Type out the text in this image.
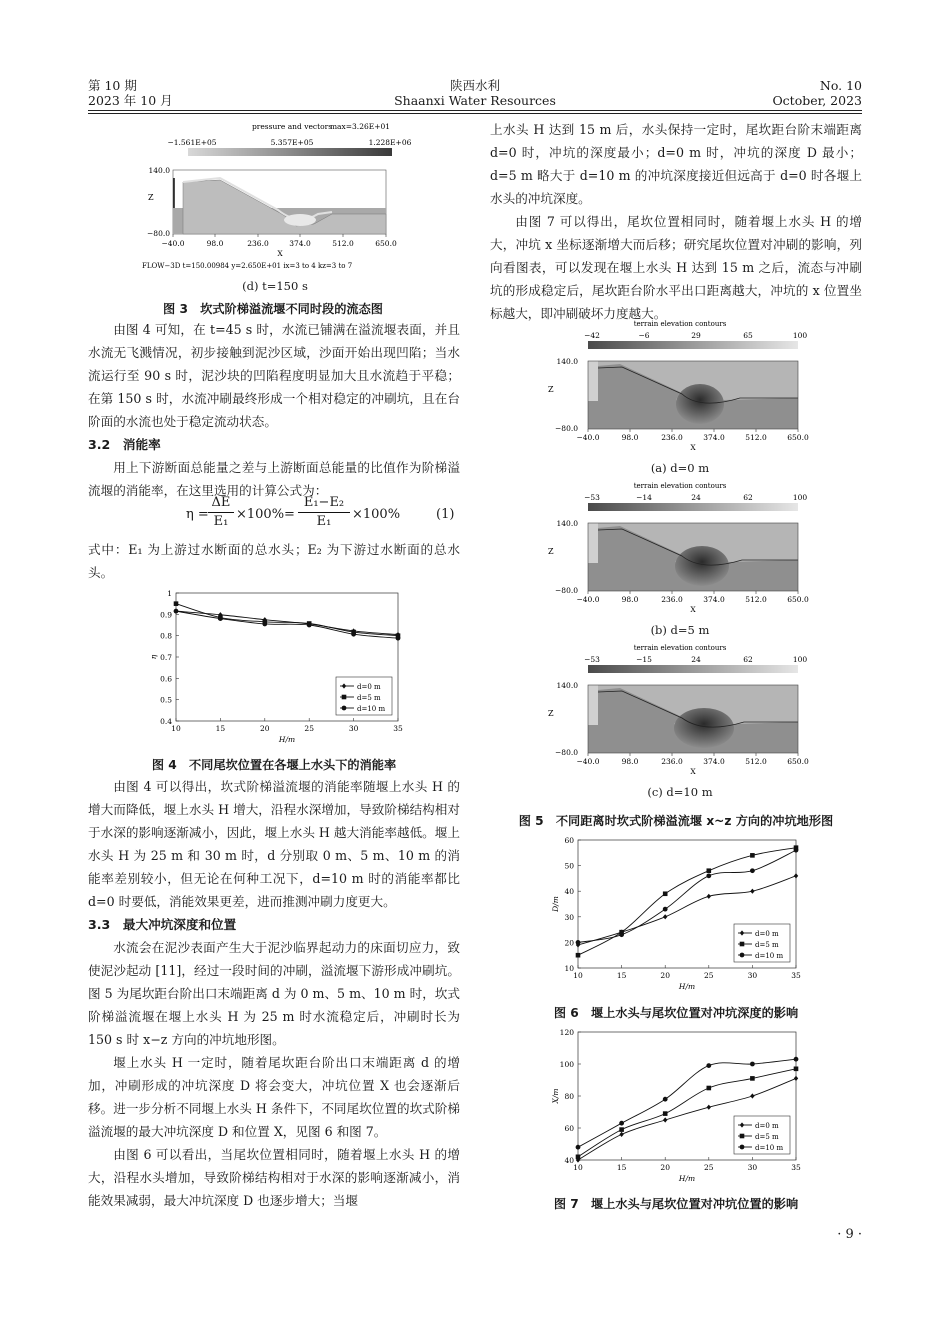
第 10 期
2023 年 10 月
陕西水利
Shaanxi Water Resources
No. 10
October, 2023
pressure and vectors
max=3.26E+01
−1.561E+05	5.357E+05	1.228E+06
Z
140.0
−80.0
−40.0	98.0	236.0	374.0	512.0	650.0
X
FLOW−3D t=150.00984 y=2.650E+01 ix=3 to 4 kz=3 to 7
(d) t=150 s
图 3　坎式阶梯溢流堰不同时段的流态图

由图 4 可知，在 t=45 s 时，水流已铺满在溢流堰表面，并且水流无飞溅情况，初步接触到泥沙区域，沙面开始出现凹陷；当水流运行至 90 s 时，泥沙块的凹陷程度明显加大且水流趋于平稳；在第 150 s 时，水流冲刷最终形成一个相对稳定的冲刷坑，且在台阶面的水流也处于稳定流动状态。

3.2　消能率

用上下游断面总能量之差与上游断面总能量的比值作为阶梯溢流堰的消能率，在这里选用的计算公式为：

$\eta = \frac{\Delta E}{\text{E₁}} \times 100\%= \frac{\text{E₁−E₂}}{\text{E₁}} \times 100\%$	(1)

式中：E₁ 为上游过水断面的总水头；E₂ 为下游过水断面的总水头。

1
0.9
0.8
0.7
0.6
0.5
0.4
10	15	20	25	30	35
H/m
η
d=0 m
d=5 m
d=10 m
图 4　不同尾坎位置在各堰上水头下的消能率

由图 4 可以得出，坎式阶梯溢流堰的消能率随堰上水头 H 的增大而降低，堰上水头 H 增大，沿程水深增加，导致阶梯结构相对于水深的影响逐渐减小，因此，堰上水头 H 越大消能率越低。堰上水头 H 为 25 m 和 30 m 时，d 分别取 0 m、5 m、10 m 的消能率差别较小，但无论在何种工况下，d=10 m 时的消能率都比 d=0 时要低，消能效果更差，进而推测冲刷力度更大。

3.3　最大冲坑深度和位置

水流会在泥沙表面产生大于泥沙临界起动力的床面切应力，致使泥沙起动 [11]，经过一段时间的冲刷，溢流堰下游形成冲刷坑。图 5 为尾坎距台阶出口末端距离 d 为 0 m、5 m、10 m 时，坎式阶梯溢流堰在堰上水头 H 为 25 m 时水流稳定后，冲刷时长为 150 s 时 x−z 方向的冲坑地形图。

堰上水头 H 一定时，随着尾坎距台阶出口末端距离 d 的增加，冲刷形成的冲坑深度 D 将会变大，冲坑位置 X 也会逐渐后移。进一步分析不同堰上水头 H 条件下，不同尾坎位置的坎式阶梯溢流堰的最大冲坑深度 D 和位置 X，见图 6 和图 7。

由图 6 可以看出，当尾坎位置相同时，随着堰上水头 H 的增大，沿程水头增加，导致阶梯结构相对于水深的影响逐渐减小，消能效果减弱，最大冲坑深度 D 也逐步增大；当堰

上水头 H 达到 15 m 后，水头保持一定时，尾坎距台阶末端距离 d=0 时，冲坑的深度最小；d=0 m 时，冲坑的深度 D 最小；d=5 m 略大于 d=10 m 的冲坑深度接近但远高于 d=0 时各堰上水头的冲坑深度。

由图 7 可以得出，尾坎位置相同时，随着堰上水头 H 的增大，冲坑 x 坐标逐渐增大而后移；研究尾坎位置对冲刷的影响，列向看图表，可以发现在堰上水头 H 达到 15 m 之后，流态与冲刷坑的形成稳定后，尾坎距台阶水平出口距离越大，冲坑的 x 位置坐标越大，即冲刷破坏力度越大。

terrain elevation contours
−42	−6	29	65	100
Z
140.0
−80.0
−40.0	98.0	236.0	374.0	512.0	650.0
X
(a) d=0 m
terrain elevation contours
−53	−14	24	62	100
Z
140.0
−80.0
−40.0	98.0	236.0	374.0	512.0	650.0
X
(b) d=5 m
terrain elevation contours
−53	−15	24	62	100
Z
140.0
−80.0
−40.0	98.0	236.0	374.0	512.0	650.0
X
(c) d=10 m
图 5　不同距离时坎式阶梯溢流堰 x~z 方向的冲坑地形图
60
50
40
30
20
10
10	15	20	25	30	35
H/m
D/m
d=0 m
d=5 m
d=10 m
图 6　堰上水头与尾坎位置对冲坑深度的影响
120
100
80
60
40
10	15	20	25	30	35
H/m
X/m
d=0 m
d=5 m
d=10 m
图 7　堰上水头与尾坎位置对冲坑位置的影响
· 9 ·
